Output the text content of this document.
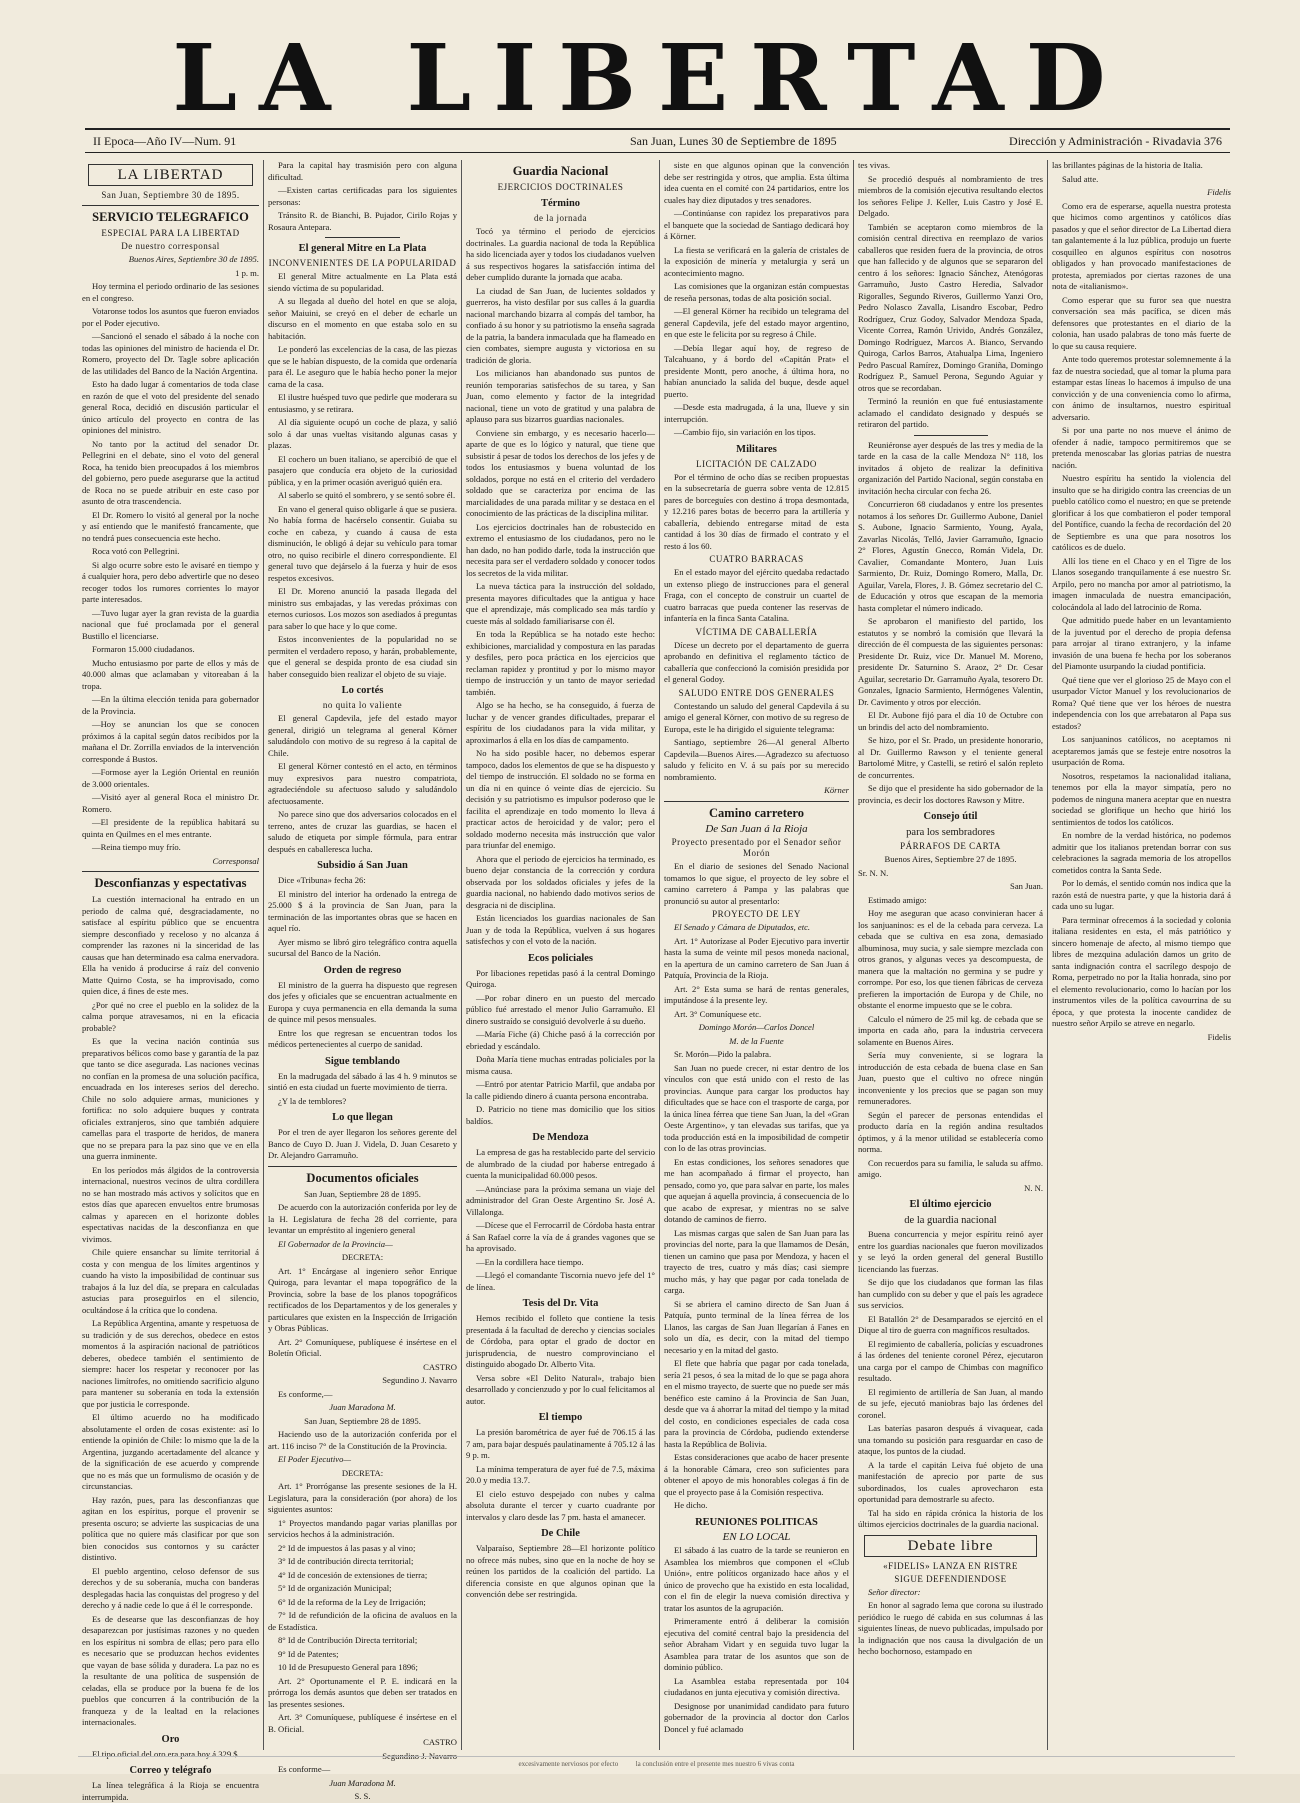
LA LIBERTAD
II Epoca—Año IV—Num. 91	San Juan, Lunes 30 de Septiembre de 1895	Dirección y Administración - Rivadavia 376
LA LIBERTAD

San Juan, Septiembre 30 de 1895.

SERVICIO TELEGRAFICO

ESPECIAL PARA LA LIBERTAD

De nuestro corresponsal

Buenos Aires, Septiembre 30 de 1895.

1 p. m.

Hoy termina el periodo ordinario de las sesiones en el congreso.

Votaronse todos los asuntos que fueron enviados por el Poder ejecutivo.

—Sancionó el senado el sábado á la noche con todas las opiniones del ministro de hacienda el Dr. Romero, proyecto del Dr. Tagle sobre aplicación de las utilidades del Banco de la Nación Argentina.

Esto ha dado lugar á comentarios de toda clase en razón de que el voto del presidente del senado general Roca, decidió en discusión particular el único artículo del proyecto en contra de las opiniones del ministro.

No tanto por la actitud del senador Dr. Pellegrini en el debate, sino el voto del general Roca, ha tenido bien preocupados á los miembros del gobierno, pero puede asegurarse que la actitud de Roca no se puede atribuir en este caso por asunto de otra trascendencia.

El Dr. Romero lo visitó al general por la noche y así entiendo que le manifestó francamente, que no tendrá pues consecuencia este hecho.

Roca votó con Pellegrini.

Si algo ocurre sobre esto le avisaré en tiempo y á cualquier hora, pero debo advertirle que no deseo recoger todos los rumores corrientes lo mayor parte interesados.

—Tuvo lugar ayer la gran revista de la guardia nacional que fué proclamada por el general Bustillo el licenciarse.

Formaron 15.000 ciudadanos.

Mucho entusiasmo por parte de ellos y más de 40.000 almas que aclamaban y vitoreaban á la tropa.

—En la última elección tenida para gobernador de la Provincia.

—Hoy se anuncian los que se conocen próximos á la capital según datos recibidos por la mañana el Dr. Zorrilla enviados de la intervención corresponde á Bustos.

—Formose ayer la Legión Oriental en reunión de 3.000 orientales.

—Visitó ayer al general Roca el ministro Dr. Romero.

—El presidente de la república habitará su quinta en Quilmes en el mes entrante.

—Reina tiempo muy frío.

Corresponsal

Desconfianzas y espectativas

La cuestión internacional ha entrado en un periodo de calma qué, desgraciadamente, no satisface al espíritu público que se encuentra siempre desconfiado y receloso y no alcanza á comprender las razones ni la sinceridad de las causas que han determinado esa calma enervadora. Ella ha venido á producirse á raíz del convenio Matte Quirno Costa, se ha improvisado, como quien dice, á fines de este mes.

¿Por qué no cree el pueblo en la solidez de la calma porque atravesamos, ni en la eficacia probable?

Es que la vecina nación continúa sus preparativos bélicos como base y garantía de la paz que tanto se dice asegurada. Las naciones vecinas no confían en la promesa de una solución pacífica, encuadrada en los intereses serios del derecho. Chile no solo adquiere armas, municiones y fortifica: no solo adquiere buques y contrata oficiales extranjeros, sino que también adquiere camellas para el trasporte de heridos, de manera que no se prepara para la paz sino que ve en ella una guerra inminente.

En los períodos más álgidos de la controversia internacional, nuestros vecinos de ultra cordillera no se han mostrado más activos y solícitos que en estos días que aparecen envueltos entre brumosas calmas y aparecen en el horizonte dobles espectativas nacidas de la desconfianza en que vivimos.

Chile quiere ensanchar su límite territorial á costa y con mengua de los límites argentinos y cuando ha visto la imposibilidad de continuar sus trabajos á la luz del día, se prepara en calculadas astucias para proseguirlos en el silencio, ocultándose á la crítica que lo condena.

La República Argentina, amante y respetuosa de su tradición y de sus derechos, obedece en estos momentos á la aspiración nacional de patrióticos deberes, obedece también el sentimiento de siempre: hacer los respetar y reconocer por las naciones limítrofes, no omitiendo sacrificio alguno para mantener su soberanía en toda la extensión que por justicia le corresponde.

El último acuerdo no ha modificado absolutamente el orden de cosas existente: así lo entiende la opinión de Chile: lo mismo que la de la Argentina, juzgando acertadamente del alcance y de la significación de ese acuerdo y comprende que no es más que un formulismo de ocasión y de circunstancias.

Hay razón, pues, para las desconfianzas que agitan en los espíritus, porque el provenir se presenta oscuro; se advierte las suspicacias de una política que no quiere más clasificar por que son bien conocidos sus contornos y su carácter distintivo.

El pueblo argentino, celoso defensor de sus derechos y de su soberanía, mucha con banderas desplegadas hacia las conquistas del progreso y del derecho y á nadie cede lo que á él le corresponde.

Es de desearse que las desconfianzas de hoy desaparezcan por justísimas razones y no queden en los espíritus ni sombra de ellas; pero para ello es necesario que se produzcan hechos evidentes que vayan de base sólida y duradera. La paz no es la resultante de una política de suspensión de celadas, ella se produce por la buena fe de los pueblos que concurren á la contribución de la franqueza y de la lealtad en la relaciones internacionales.

Oro

El tipo oficial del oro era para hoy á 329 $.

Correo y telégrafo

La línea telegráfica á la Rioja se encuentra interrumpida.

Para la capital hay trasmisión pero con alguna dificultad.

—Existen cartas certificadas para los siguientes personas:

Tránsito R. de Bianchi, B. Pujador, Cirilo Rojas y Rosaura Antepara.

El general Mitre en La Plata

INCONVENIENTES DE LA POPULARIDAD

El general Mitre actualmente en La Plata está siendo víctima de su popularidad.

A su llegada al dueño del hotel en que se aloja, señor Maiuini, se creyó en el deber de echarle un discurso en el momento en que estaba solo en su habitación.

Le ponderó las excelencias de la casa, de las piezas que se le habían dispuesto, de la comida que ordenaría para él. Le aseguro que le había hecho poner la mejor cama de la casa.

El ilustre huésped tuvo que pedirle que moderara su entusiasmo, y se retirara.

Al día siguiente ocupó un coche de plaza, y salió solo á dar unas vueltas visitando algunas casas y plazas.

El cochero un buen italiano, se apercibió de que el pasajero que conducía era objeto de la curiosidad pública, y en la primer ocasión averiguó quién era.

Al saberlo se quitó el sombrero, y se sentó sobre él.

En vano el general quiso obligarle á que se pusiera. No había forma de hacérselo consentir. Guiaba su coche en cabeza, y cuando á causa de esta disminución, le obligó á dejar su vehículo para tomar otro, no quiso recibirle el dinero correspondiente. El general tuvo que dejárselo á la fuerza y huir de esos respetos excesivos.

El Dr. Moreno anunció la pasada llegada del ministro sus embajadas, y las veredas próximas con eternos curiosos. Los mozos son asediados á preguntas para saber lo que hace y lo que come.

Estos inconvenientes de la popularidad no se permiten el verdadero reposo, y harán, probablemente, que el general se despida pronto de esa ciudad sin haber conseguido bien realizar el objeto de su viaje.

Lo cortés

no quita lo valiente

El general Capdevila, jefe del estado mayor general, dirigió un telegrama al general Körner saludándolo con motivo de su regreso á la capital de Chile.

El general Körner contestó en el acto, en términos muy expresivos para nuestro compatriota, agradeciéndole su afectuoso saludo y saludándolo afectuosamente.

No parece sino que dos adversarios colocados en el terreno, antes de cruzar las guardias, se hacen el saludo de etiqueta por simple fórmula, para entrar después en caballeresca lucha.

Subsidio á San Juan

Dice «Tribuna» fecha 26:

El ministro del interior ha ordenado la entrega de 25.000 $ á la provincia de San Juan, para la terminación de las importantes obras que se hacen en aquel río.

Ayer mismo se libró giro telegráfico contra aquella sucursal del Banco de la Nación.

Orden de regreso

El ministro de la guerra ha dispuesto que regresen dos jefes y oficiales que se encuentran actualmente en Europa y cuya permanencia en ella demanda la suma de quince mil pesos mensuales.

Entre los que regresan se encuentran todos los médicos pertenecientes al cuerpo de sanidad.

Sigue temblando

En la madrugada del sábado á las 4 h. 9 minutos se sintió en esta ciudad un fuerte movimiento de tierra.

¿Y la de temblores?

Lo que llegan

Por el tren de ayer llegaron los señores gerente del Banco de Cuyo D. Juan J. Videla, D. Juan Cesareto y Dr. Alejandro Garramuño.

Documentos oficiales

San Juan, Septiembre 28 de 1895.

De acuerdo con la autorización conferida por ley de la H. Legislatura de fecha 28 del corriente, para levantar un empréstito al ingeniero general

El Gobernador de la Provincia—

DECRETA:

Art. 1° Encárgase al ingeniero señor Enrique Quiroga, para levantar el mapa topográfico de la Provincia, sobre la base de los planos topográficos rectificados de los Departamentos y de los generales y particulares que existen en la Inspección de Irrigación y Obras Públicas.

Art. 2° Comuníquese, publíquese é insértese en el Boletín Oficial.

CASTRO

Segundino J. Navarro

Es conforme,—

Juan Maradona M.

San Juan, Septiembre 28 de 1895.

Haciendo uso de la autorización conferida por el art. 116 inciso 7° de la Constitución de la Provincia.

El Poder Ejecutivo—

DECRETA:

Art. 1° Prorróganse las presente sesiones de la H. Legislatura, para la consideración (por ahora) de los siguientes asuntos:

1° Proyectos mandando pagar varias planillas por servicios hechos á la administración.

2° Id de impuestos á las pasas y al vino;

3° Id de contribución directa territorial;

4° Id de concesión de extensiones de tierra;

5° Id de organización Municipal;

6° Id de la reforma de la Ley de Irrigación;

7° Id de refundición de la oficina de avaluos en la de Estadística.

8° Id de Contribución Directa territorial;

9° Id de Patentes;

10 Id de Presupuesto General para 1896;

Art. 2° Oportunamente el P. E. indicará en la prórroga los demás asuntos que deben ser tratados en las presentes sesiones.

Art. 3° Comuníquese, publíquese é insértese en el B. Oficial.

CASTRO

Segundino J. Navarro

Es conforme—

Juan Maradona M.

S. S.

Guardia Nacional

EJERCICIOS DOCTRINALES

Término

de la jornada

Tocó ya término el periodo de ejercicios doctrinales. La guardia nacional de toda la República ha sido licenciada ayer y todos los ciudadanos vuelven á sus respectivos hogares la satisfacción íntima del deber cumplido durante la jornada que acaba.

La ciudad de San Juan, de lucientes soldados y guerreros, ha visto desfilar por sus calles á la guardia nacional marchando bizarra al compás del tambor, ha confiado á su honor y su patriotismo la enseña sagrada de la patria, la bandera inmaculada que ha flameado en cien combates, siempre augusta y victoriosa en su tradición de gloria.

Los milicianos han abandonado sus puntos de reunión temporarias satisfechos de su tarea, y San Juan, como elemento y factor de la integridad nacional, tiene un voto de gratitud y una palabra de aplauso para sus bizarros guardias nacionales.

Conviene sin embargo, y es necesario hacerlo—aparte de que es lo lógico y natural, que tiene que subsistir á pesar de todos los derechos de los jefes y de todos los entusiasmos y buena voluntad de los soldados, porque no está en el criterio del verdadero soldado que se caracteriza por encima de las marcialidades de una parada militar y se destaca en el conocimiento de las prácticas de la disciplina militar.

Los ejercicios doctrinales han de robustecido en extremo el entusiasmo de los ciudadanos, pero no le han dado, no han podido darle, toda la instrucción que necesita para ser el verdadero soldado y conocer todos los secretos de la vida militar.

La nueva táctica para la instrucción del soldado, presenta mayores dificultades que la antigua y hace que el aprendizaje, más complicado sea más tardío y cueste más al soldado familiarisarse con él.

En toda la República se ha notado este hecho: exhibiciones, marcialidad y compostura en las paradas y desfiles, pero poca práctica en los ejercicios que reclaman rapidez y prontitud y por lo mismo mayor tiempo de instrucción y un tanto de mayor seriedad también.

Algo se ha hecho, se ha conseguido, á fuerza de luchar y de vencer grandes dificultades, preparar el espíritu de los ciudadanos para la vida militar, y aproximarlos á ella en los días de campamento.

No ha sido posible hacer, no debemos esperar tampoco, dados los elementos de que se ha dispuesto y del tiempo de instrucción. El soldado no se forma en un día ni en quince ó veinte días de ejercicio. Su decisión y su patriotismo es impulsor poderoso que le facilita el aprendizaje en todo momento lo lleva á practicar actos de heroicidad y de valor; pero el soldado moderno necesita más instrucción que valor para triunfar del enemigo.

Ahora que el periodo de ejercicios ha terminado, es bueno dejar constancia de la corrección y cordura observada por los soldados oficiales y jefes de la guardia nacional, no habiendo dado motivos serios de desgracia ni de disciplina.

Están licenciados los guardias nacionales de San Juan y de toda la República, vuelven á sus hogares satisfechos y con el voto de la nación.

Ecos policiales

Por libaciones repetidas pasó á la central Domingo Quiroga.

—Por robar dinero en un puesto del mercado público fué arrestado el menor Julio Garramuño. El dinero sustraído se consiguió devolverle á su dueño.

—María Fiche (á) Chiche pasó á la corrección por ebriedad y escándalo.

Doña María tiene muchas entradas policiales por la misma causa.

—Entró por atentar Patricio Marfil, que andaba por la calle pidiendo dinero á cuanta persona encontraba.

D. Patricio no tiene mas domicilio que los sitios baldíos.

De Mendoza

La empresa de gas ha restablecido parte del servicio de alumbrado de la ciudad por haberse entregado á cuenta la municipalidad 60.000 pesos.

—Anúnciase para la próxima semana un viaje del administrador del Gran Oeste Argentino Sr. José A. Villalonga.

—Dícese que el Ferrocarril de Córdoba hasta entrar á San Rafael corre la vía de á grandes vagones que se ha aprovisado.

—En la cordillera hace tiempo.

—Llegó el comandante Tiscornia nuevo jefe del 1° de línea.

Tesis del Dr. Vita

Hemos recibido el folleto que contiene la tesis presentada á la facultad de derecho y ciencias sociales de Córdoba, para optar el grado de doctor en jurisprudencia, de nuestro comprovinciano el distinguido abogado Dr. Alberto Vita.

Versa sobre «El Delito Natural», trabajo bien desarrollado y concienzudo y por lo cual felicitamos al autor.

El tiempo

La presión barométrica de ayer fué de 706.15 á las 7 am, para bajar después paulatinamente á 705.12 á las 9 p. m.

La mínima temperatura de ayer fué de 7.5, máxima 20.0 y media 13.7.

El cielo estuvo despejado con nubes y calma absoluta durante el tercer y cuarto cuadrante por intervalos y claro desde las 7 pm. hasta el amanecer.

De Chile

Valparaíso, Septiembre 28—El horizonte político no ofrece más nubes, sino que en la noche de hoy se reúnen los partidos de la coalición del partido. La diferencia consiste en que algunos opinan que la convención debe ser restringida.

siste en que algunos opinan que la convención debe ser restringida y otros, que amplia. Esta última idea cuenta en el comité con 24 partidarios, entre los cuales hay diez diputados y tres senadores.

—Continúanse con rapidez los preparativos para el banquete que la sociedad de Santiago dedicará hoy á Körner.

La fiesta se verificará en la galería de cristales de la exposición de minería y metalurgia y será un acontecimiento magno.

Las comisiones que la organizan están compuestas de reseña personas, todas de alta posición social.

—El general Körner ha recibido un telegrama del general Capdevila, jefe del estado mayor argentino, en que este le felicita por su regreso á Chile.

—Debía llegar aquí hoy, de regreso de Talcahuano, y á bordo del «Capitán Prat» el presidente Montt, pero anoche, á última hora, no habían anunciado la salida del buque, desde aquel puerto.

—Desde esta madrugada, á la una, llueve y sin interrupción.

—Cambio fijo, sin variación en los tipos.

Militares

LICITACIÓN DE CALZADO

Por el término de ocho días se reciben propuestas en la subsecretaría de guerra sobre venta de 12.815 pares de borceguíes con destino á tropa desmontada, y 12.216 pares botas de becerro para la artillería y caballería, debiendo entregarse mitad de esta cantidad á los 30 días de firmado el contrato y el resto á los 60.

CUATRO BARRACAS

En el estado mayor del ejército quedaba redactado un extenso pliego de instrucciones para el general Fraga, con el concepto de construir un cuartel de cuatro barracas que pueda contener las reservas de infantería en la finca Santa Catalina.

VÍCTIMA DE CABALLERÍA

Dícese un decreto por el departamento de guerra aprobando en definitiva el reglamento táctico de caballería que confeccionó la comisión presidida por el general Godoy.

SALUDO ENTRE DOS GENERALES

Contestando un saludo del general Capdevila á su amigo el general Körner, con motivo de su regreso de Europa, este le ha dirigido el siguiente telegrama:

Santiago, septiembre 26—Al general Alberto Capdevila—Buenos Aires.—Agradezco su afectuoso saludo y felicito en V. á su país por su merecido nombramiento.

Körner

Camino carretero

De San Juan á la Rioja

Proyecto presentado por el Senador señor Morón

En el diario de sesiones del Senado Nacional tomamos lo que sigue, el proyecto de ley sobre el camino carretero á Pampa y las palabras que pronunció su autor al presentarlo:

PROYECTO DE LEY

El Senado y Cámara de Diputados, etc.

Art. 1° Autorízase al Poder Ejecutivo para invertir hasta la suma de veinte mil pesos moneda nacional, en la apertura de un camino carretero de San Juan á Patquía, Provincia de la Rioja.

Art. 2° Esta suma se hará de rentas generales, imputándose á la presente ley.

Art. 3° Comuníquese etc.

Domingo Morón—Carlos Doncel

M. de la Fuente

Sr. Morón—Pido la palabra.

San Juan no puede crecer, ni estar dentro de los vínculos con que está unido con el resto de las provincias. Aunque para cargar los productos hay dificultades que se hace con el trasporte de carga, por la única línea férrea que tiene San Juan, la del «Gran Oeste Argentino», y tan elevadas sus tarifas, que ya toda producción está en la imposibilidad de competir con lo de las otras provincias.

En estas condiciones, los señores senadores que me han acompañado á firmar el proyecto, han pensado, como yo, que para salvar en parte, los males que aquejan á aquella provincia, á consecuencia de lo que acabo de expresar, y mientras no se salve dotando de caminos de fierro.

Las mismas cargas que salen de San Juan para las provincias del norte, para la que llamamos de Desán, tienen un camino que pasa por Mendoza, y hacen el trayecto de tres, cuatro y más días; casi siempre mucho más, y hay que pagar por cada tonelada de carga.

Si se abriera el camino directo de San Juan á Patquía, punto terminal de la línea férrea de los Llanos, las cargas de San Juan llegarían á Fanes en solo un día, es decir, con la mitad del tiempo necesario y en la mitad del gasto.

El flete que habría que pagar por cada tonelada, sería 21 pesos, ó sea la mitad de lo que se paga ahora en el mismo trayecto, de suerte que no puede ser más benéfico este camino á la Provincia de San Juan, desde que va á ahorrar la mitad del tiempo y la mitad del costo, en condiciones especiales de cada cosa para la provincia de Córdoba, pudiendo extenderse hasta la República de Bolivia.

Estas consideraciones que acabo de hacer presente á la honorable Cámara, creo son suficientes para obtener el apoyo de mis honorables colegas á fin de que el proyecto pase á la Comisión respectiva.

He dicho.

REUNIONES POLITICAS

EN LO LOCAL

El sábado á las cuatro de la tarde se reunieron en Asamblea los miembros que componen el «Club Unión», entre políticos organizado hace años y el único de provecho que ha existido en esta localidad, con el fin de elegir la nueva comisión directiva y tratar los asuntos de la agrupación.

Primeramente entró á deliberar la comisión ejecutiva del comité central bajo la presidencia del señor Abraham Vidart y en seguida tuvo lugar la Asamblea para tratar de los asuntos que son de dominio público.

La Asamblea estaba representada por 104 ciudadanos en junta ejecutiva y comisión directiva.

Designose por unanimidad candidato para futuro gobernador de la provincia al doctor don Carlos Doncel y fué aclamado

tes vivas.

Se procedió después al nombramiento de tres miembros de la comisión ejecutiva resultando electos los señores Felipe J. Keller, Luis Castro y José E. Delgado.

También se aceptaron como miembros de la comisión central directiva en reemplazo de varios caballeros que residen fuera de la provincia, de otros que han fallecido y de algunos que se separaron del centro á los señores: Ignacio Sánchez, Atenógoras Garramuño, Justo Castro Heredia, Salvador Rigoralles, Segundo Riveros, Guillermo Yanzi Oro, Pedro Nolasco Zavalla, Lisandro Escobar, Pedro Rodríguez, Cruz Godoy, Salvador Mendoza Spada, Vicente Correa, Ramón Urivido, Andrés González, Domingo Rodríguez, Marcos A. Bianco, Servando Quiroga, Carlos Barros, Atahualpa Lima, Ingeniero Pedro Pascual Ramírez, Domingo Graniña, Domingo Rodríguez P., Samuel Perona, Segundo Aguiar y otros que se recordaban.

Terminó la reunión en que fué entusiastamente aclamado el candidato designado y después se retiraron del partido.

Reuniéronse ayer después de las tres y media de la tarde en la casa de la calle Mendoza N° 118, los invitados á objeto de realizar la definitiva organización del Partido Nacional, según constaba en invitación hecha circular con fecha 26.

Concurrieron 68 ciudadanos y entre los presentes notamos á los señores Dr. Guillermo Aubone, Daniel S. Aubone, Ignacio Sarmiento, Young, Ayala, Zavarlas Nicolás, Telló, Javier Garramuño, Ignacio 2° Flores, Agustín Gnecco, Román Videla, Dr. Cavalier, Comandante Montero, Juan Luis Sarmiento, Dr. Ruiz, Domingo Romero, Malla, Dr. Aguilar, Varela, Flores, J. B. Gómez secretario del C. de Educación y otros que escapan de la memoria hasta completar el número indicado.

Se aprobaron el manifiesto del partido, los estatutos y se nombró la comisión que llevará la dirección de él compuesta de las siguientes personas: Presidente Dr. Ruiz, vice Dr. Manuel M. Moreno, presidente Dr. Saturnino S. Araoz, 2° Dr. Cesar Aguilar, secretario Dr. Garramuño Ayala, tesorero Dr. Gonzales, Ignacio Sarmiento, Hermógenes Valentin, Dr. Cavimento y otros por elección.

El Dr. Aubone fijó para el día 10 de Octubre con un brindis del acto del nombramiento.

Se hizo, por el Sr. Prado, un presidente honorario, al Dr. Guillermo Rawson y el teniente general Bartolomé Mitre, y Castelli, se retiró el salón repleto de concurrentes.

Se dijo que el presidente ha sido gobernador de la provincia, es decir los doctores Rawson y Mitre.

Consejo útil

para los sembradores

PÁRRAFOS DE CARTA

Buenos Aires, Septiembre 27 de 1895.

Sr. N. N.

San Juan.

Estimado amigo:

Hoy me aseguran que acaso convinieran hacer á los sanjuaninos: es el de la cebada para cerveza. La cebada que se cultiva en esa zona, demasiado albuminosa, muy sucia, y sale siempre mezclada con otros granos, y algunas veces ya descompuesta, de manera que la maltación no germina y se pudre y corrompe. Por eso, los que tienen fábricas de cerveza prefieren la importación de Europa y de Chile, no obstante el enorme impuesto que se le cobra.

Calculo el número de 25 mil kg. de cebada que se importa en cada año, para la industria cervecera solamente en Buenos Aires.

Sería muy conveniente, si se lograra la introducción de esta cebada de buena clase en San Juan, puesto que el cultivo no ofrece ningún inconveniente y los precios que se pagan son muy remuneradores.

Según el parecer de personas entendidas el producto daría en la región andina resultados óptimos, y á la menor utilidad se establecería como norma.

Con recuerdos para su familia, le saluda su affmo. amigo.

N. N.

El último ejercicio

de la guardia nacional

Buena concurrencia y mejor espíritu reinó ayer entre los guardias nacionales que fueron movilizados y se leyó la orden general del general Bustillo licenciando las fuerzas.

Se dijo que los ciudadanos que forman las filas han cumplido con su deber y que el país les agradece sus servicios.

El Batallón 2° de Desamparados se ejercitó en el Dique al tiro de guerra con magníficos resultados.

El regimiento de caballería, policías y escuadrones á las órdenes del teniente coronel Pérez, ejecutaron una carga por el campo de Chimbas con magnífico resultado.

El regimiento de artillería de San Juan, al mando de su jefe, ejecutó maniobras bajo las órdenes del coronel.

Las baterías pasaron después á vivaquear, cada una tomando su posición para resguardar en caso de ataque, los puntos de la ciudad.

A la tarde el capitán Leiva fué objeto de una manifestación de aprecio por parte de sus subordinados, los cuales aprovecharon esta oportunidad para demostrarle su afecto.

Tal ha sido en rápida crónica la historia de los últimos ejercicios doctrinales de la guardia nacional.

Debate libre

«FIDELIS» LANZA EN RISTRE

SIGUE DEFENDIENDOSE

Señor director:

En honor al sagrado lema que corona su ilustrado periódico le ruego dé cabida en sus columnas á las siguientes líneas, de nuevo publicadas, impulsado por la indignación que nos causa la divulgación de un hecho bochornoso, estampado en

las brillantes páginas de la historia de Italia.

Salud atte.

Fidelis

Como era de esperarse, aquella nuestra protesta que hicimos como argentinos y católicos días pasados y que el señor director de La Libertad diera tan galantemente á la luz pública, produjo un fuerte cosquilleo en algunos espíritus con nosotros obligados y han provocado manifestaciones de protesta, apremiados por ciertas razones de una nota de «italianismo».

Como esperar que su furor sea que nuestra conversación sea más pacífica, se dicen más defensores que protestantes en el diario de la colonia, han usado palabras de tono más fuerte de lo que su causa requiere.

Ante todo queremos protestar solemnemente á la faz de nuestra sociedad, que al tomar la pluma para estampar estas líneas lo hacemos á impulso de una convicción y de una conveniencia como lo afirma, con ánimo de insultarnos, nuestro espiritual adversario.

Si por una parte no nos mueve el ánimo de ofender á nadie, tampoco permitiremos que se pretenda menoscabar las glorias patrias de nuestra nación.

Nuestro espíritu ha sentido la violencia del insulto que se ha dirigido contra las creencias de un pueblo católico como el nuestro; en que se pretende glorificar á los que combatieron el poder temporal del Pontífice, cuando la fecha de recordación del 20 de Septiembre es una que para nosotros los católicos es de duelo.

Allí los tiene en el Chaco y en el Tigre de los Llanos sosegando tranquilamente á ese nuestro Sr. Arpilo, pero no mancha por amor al patriotismo, la imagen inmaculada de nuestra emancipación, colocándola al lado del latrocinio de Roma.

Que admitido puede haber en un levantamiento de la juventud por el derecho de propia defensa para arrojar al tirano extranjero, y la infame invasión de una buena fe hecha por los soberanos del Piamonte usurpando la ciudad pontificia.

Qué tiene que ver el glorioso 25 de Mayo con el usurpador Víctor Manuel y los revolucionarios de Roma? Qué tiene que ver los héroes de nuestra independencia con los que arrebataron al Papa sus estados?

Los sanjuaninos católicos, no aceptamos ni aceptaremos jamás que se festeje entre nosotros la usurpación de Roma.

Nosotros, respetamos la nacionalidad italiana, tenemos por ella la mayor simpatía, pero no podemos de ninguna manera aceptar que en nuestra sociedad se glorifique un hecho que hirió los sentimientos de todos los católicos.

En nombre de la verdad histórica, no podemos admitir que los italianos pretendan borrar con sus celebraciones la sagrada memoria de los atropellos cometidos contra la Santa Sede.

Por lo demás, el sentido común nos indica que la razón está de nuestra parte, y que la historia dará á cada uno su lugar.

Para terminar ofrecemos á la sociedad y colonia italiana residentes en esta, el más patriótico y sincero homenaje de afecto, al mismo tiempo que libres de mezquina adulación damos un grito de santa indignación contra el sacrílego despojo de Roma, perpetrado no por la Italia honrada, sino por el elemento revolucionario, como lo hacían por los instrumentos viles de la política cavourrina de su época, y que protesta la inocente candidez de nuestro señor Arpilo se atreve en negarlo.

Fidelis

excesivamente nerviosos por efecto	la conclusión entre el presente mes nuestro 6 vivas conta
